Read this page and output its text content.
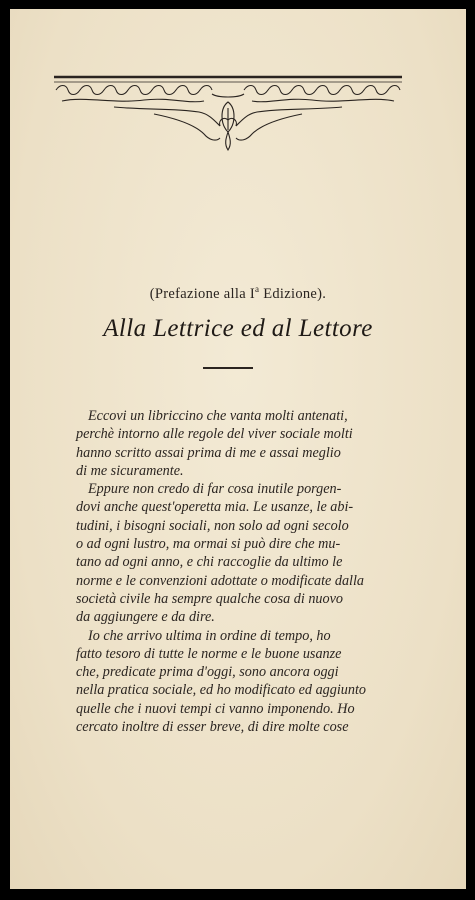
(Prefazione alla $I^a$ Edizione).
Alla Lettrice ed al Lettore
Eccovi un libriccino che vanta molti antenati,
perchè intorno alle regole del viver sociale molti
hanno scritto assai prima di me e assai meglio
di me sicuramente.
Eppure non credo di far cosa inutile porgen-
dovi anche quest'operetta mia. Le usanze, le abi-
tudini, i bisogni sociali, non solo ad ogni secolo
o ad ogni lustro, ma ormai si può dire che mu-
tano ad ogni anno, e chi raccoglie da ultimo le
norme e le convenzioni adottate o modificate dalla
società civile ha sempre qualche cosa di nuovo
da aggiungere e da dire.
Io che arrivo ultima in ordine di tempo, ho
fatto tesoro di tutte le norme e le buone usanze
che, predicate prima d'oggi, sono ancora oggi
nella pratica sociale, ed ho modificato ed aggiunto
quelle che i nuovi tempi ci vanno imponendo. Ho
cercato inoltre di esser breve, di dire molte cose
